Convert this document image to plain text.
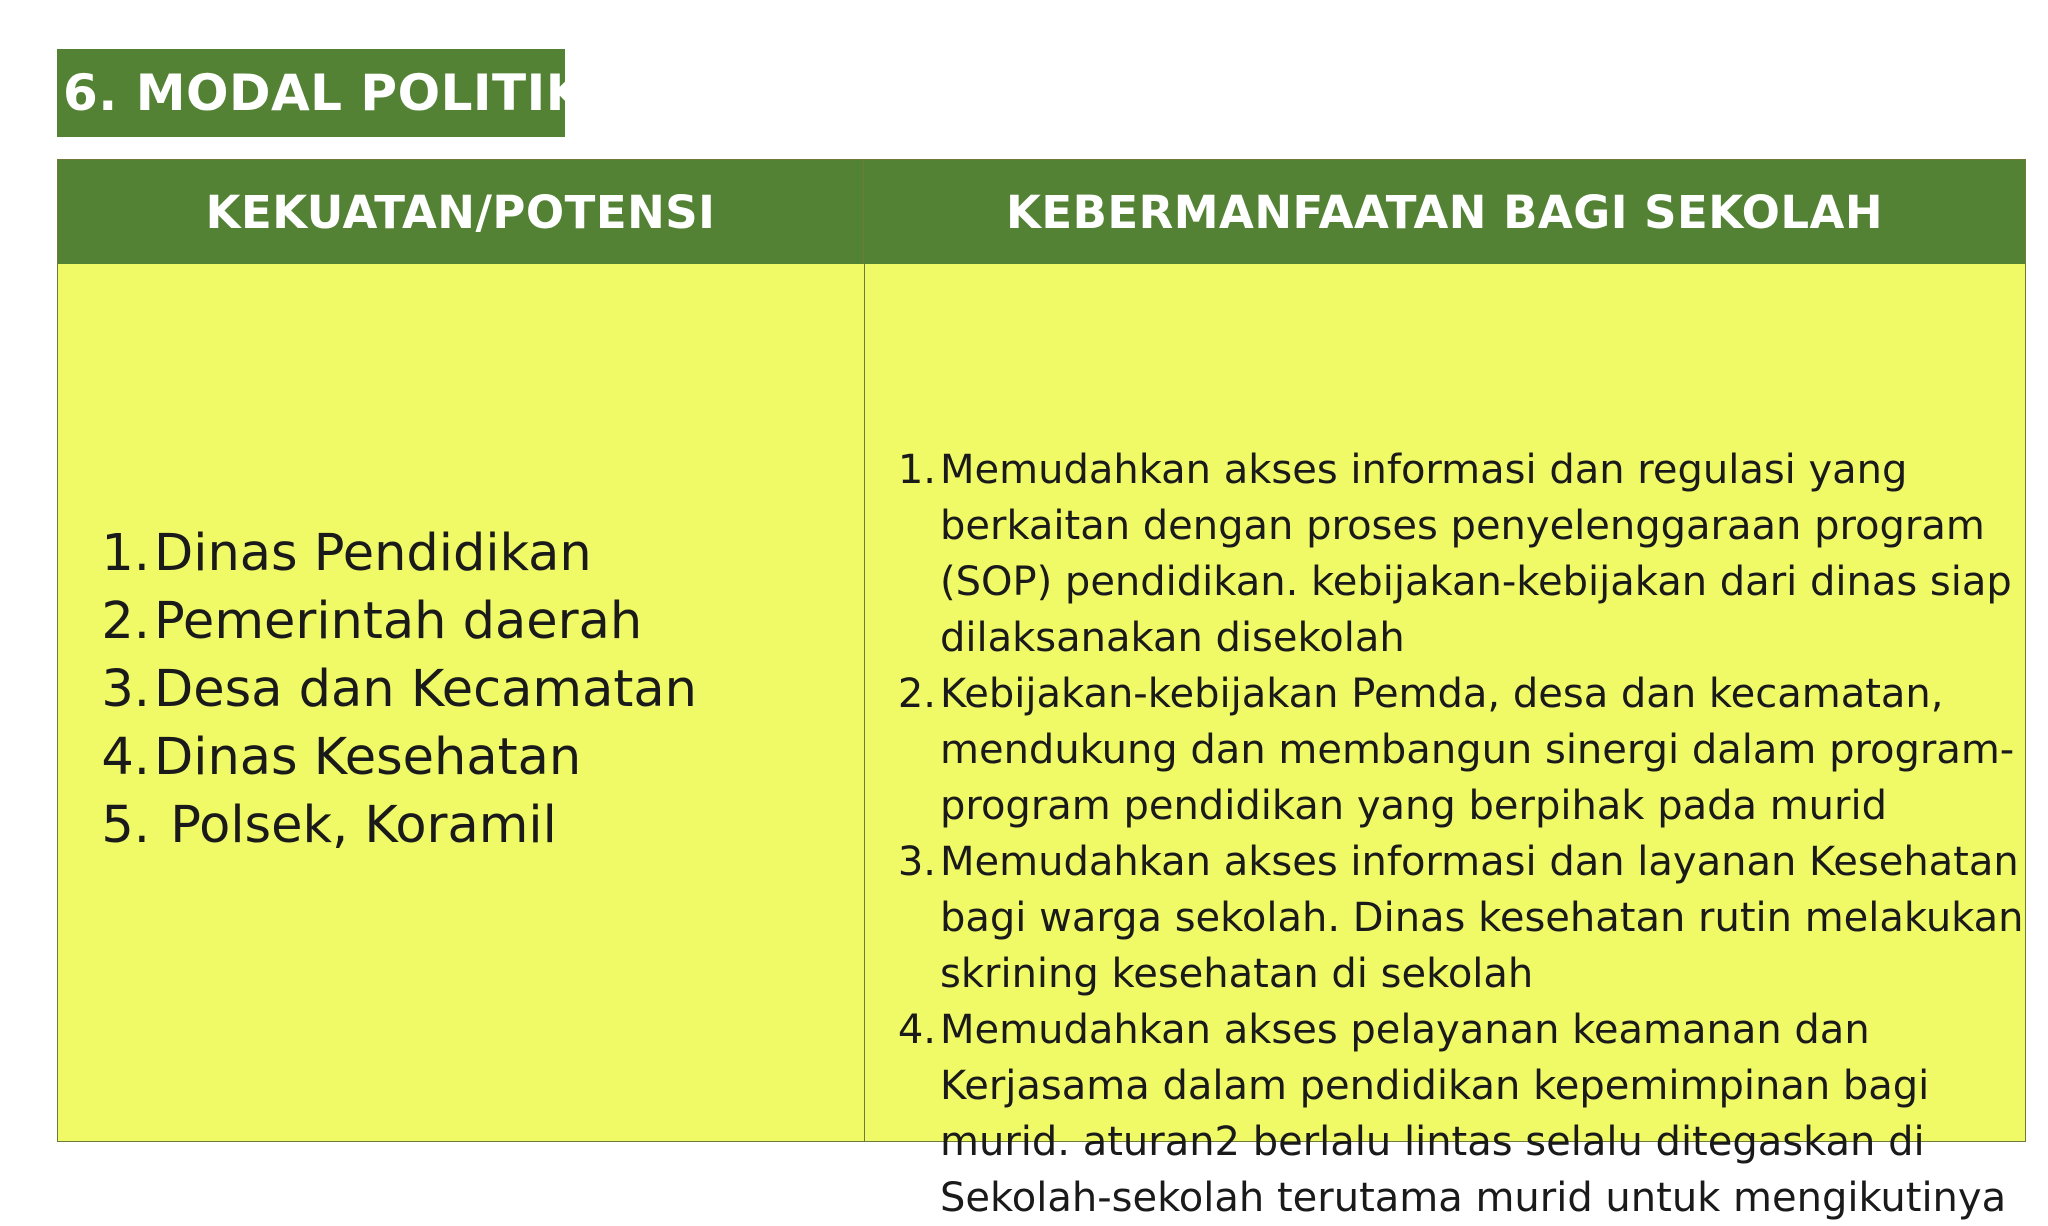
6. MODAL POLITIK
KEKUATAN/POTENSI	KEBERMANFAATAN BAGI SEKOLAH
1. Dinas Pendidikan
2. Pemerintah daerah
3. Desa dan Kecamatan
4. Dinas Kesehatan
5. Polsek, Koramil
1. Memudahkan akses informasi dan regulasi yang berkaitan dengan proses penyelenggaraan program (SOP) pendidikan. kebijakan-kebijakan dari dinas siap dilaksanakan disekolah
2. Kebijakan-kebijakan Pemda, desa dan kecamatan, mendukung dan membangun sinergi dalam program-program pendidikan yang berpihak pada murid
3. Memudahkan akses informasi dan layanan Kesehatan bagi warga sekolah. Dinas kesehatan rutin melakukan skrining kesehatan di sekolah
4. Memudahkan akses pelayanan keamanan dan Kerjasama dalam pendidikan kepemimpinan bagi murid. aturan2 berlalu lintas selalu ditegaskan di Sekolah-sekolah terutama murid untuk mengikutinya
